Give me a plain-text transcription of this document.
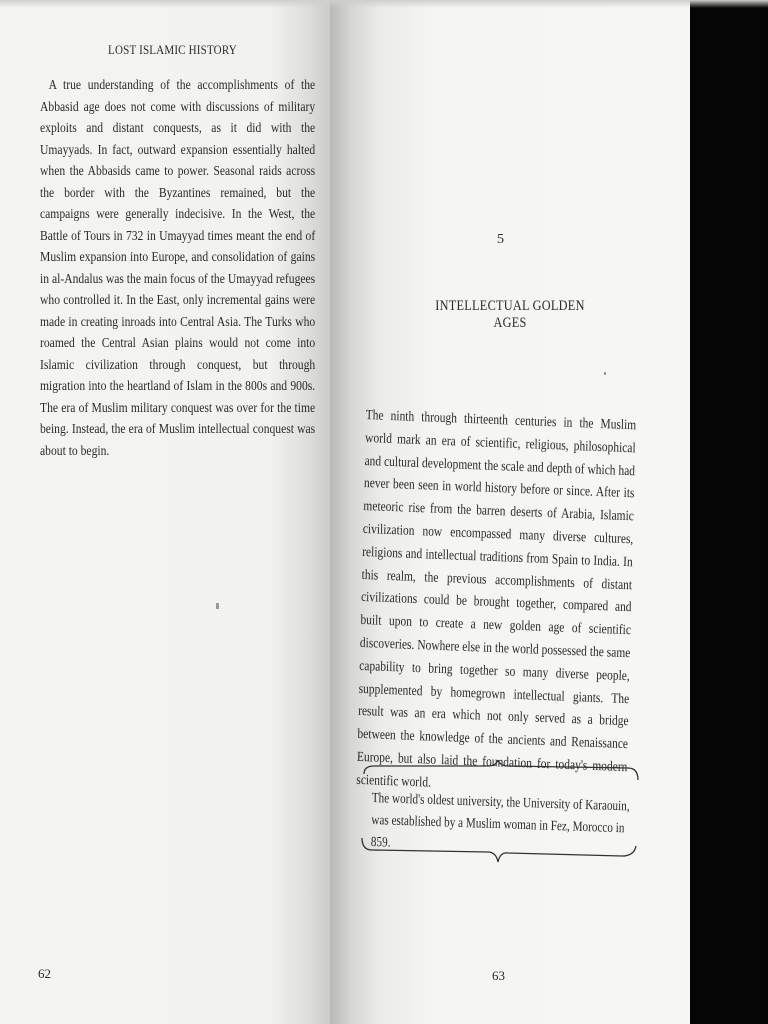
LOST ISLAMIC HISTORY

A true understanding of the accomplishments of the Abbasid age does not come with discussions of military exploits and distant conquests, as it did with the Umayyads. In fact, outward expansion essentially halted when the Abbasids came to power. Seasonal raids across the border with the Byzantines remained, but the campaigns were generally indecisive. In the West, the Battle of Tours in 732 in Umayyad times meant the end of Muslim expansion into Europe, and consolidation of gains in al-Andalus was the main focus of the Umayyad refugees who controlled it. In the East, only incremental gains were made in creating inroads into Central Asia. The Turks who roamed the Central Asian plains would not come into Islamic civilization through conquest, but through migration into the heartland of Islam in the 800s and 900s. The era of Muslim military conquest was over for the time being. Instead, the era of Muslim intellectual conquest was about to begin.

62
5
INTELLECTUAL GOLDEN AGES

The ninth through thirteenth centuries in the Muslim world mark an era of scientific, religious, philosophical and cultural development the scale and depth of which had never been seen in world history before or since. After its meteoric rise from the barren deserts of Arabia, Islamic civilization now encompassed many diverse cultures, religions and intellectual traditions from Spain to India. In this realm, the previous accomplishments of distant civilizations could be brought together, compared and built upon to create a new golden age of scientific discoveries. Nowhere else in the world possessed the same capability to bring together so many diverse people, supplemented by homegrown intellectual giants. The result was an era which not only served as a bridge between the knowledge of the ancients and Renaissance Europe, but also laid the foundation for today's modern scientific world.

The world's oldest university, the University of Karaouin, was established by a Muslim woman in Fez, Morocco in 859.
63
